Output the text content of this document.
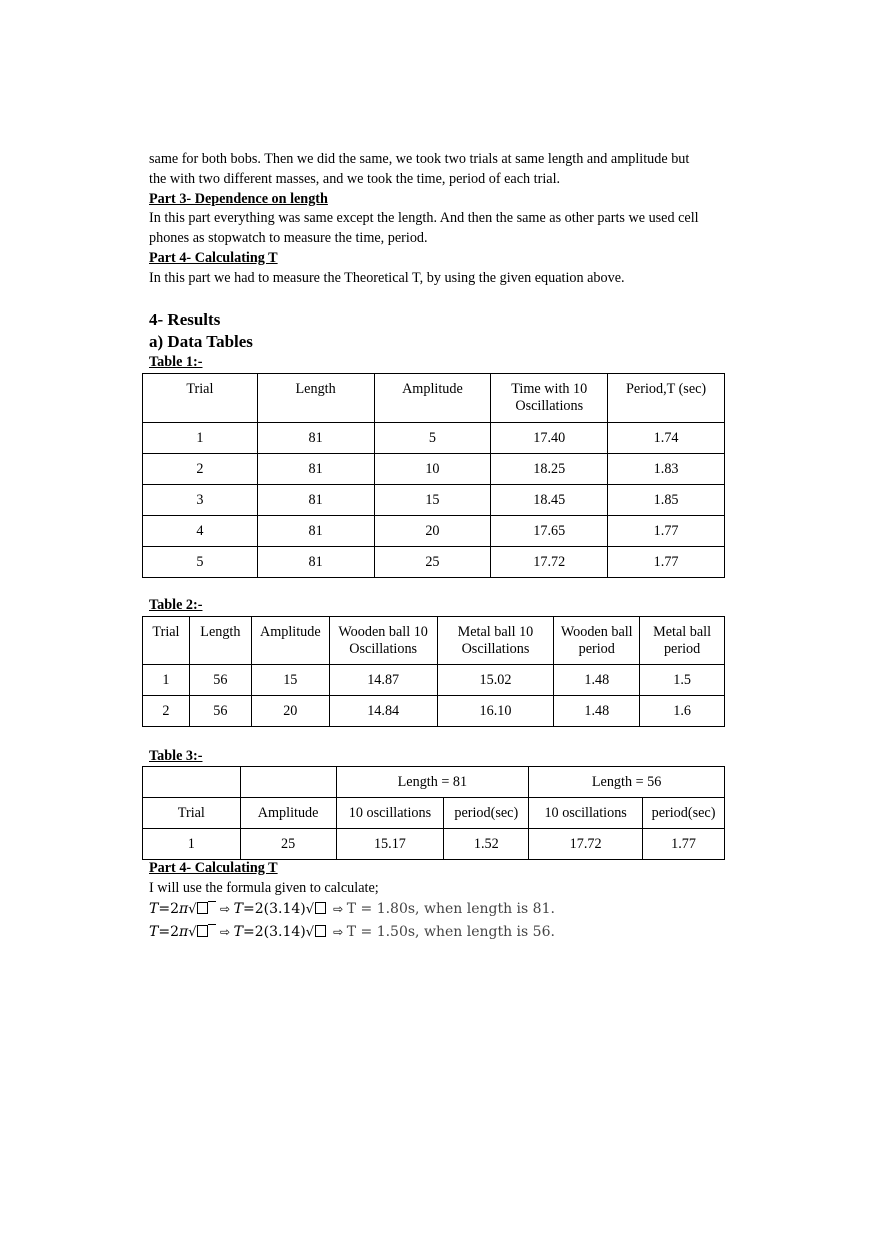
same for both bobs. Then we did the same, we took two trials at same length and amplitude but

the with two different masses, and we took the time, period of each trial.

Part 3- Dependence on length

In this part everything was same except the length. And then the same as other parts we used cell

phones as stopwatch to measure the time, period.

Part 4- Calculating T

In this part we had to measure the Theoretical T, by using the given equation above.

4- Results

a) Data Tables

Table 1:-

Trial	Length	Amplitude	Time with 10 Oscillations	Period,T (sec)
1	81	5	17.40	1.74
2	81	10	18.25	1.83
3	81	15	18.45	1.85
4	81	20	17.65	1.77
5	81	25	17.72	1.77

Table 2:-

Trial	Length	Amplitude	Wooden ball 10 Oscillations	Metal ball 10 Oscillations	Wooden ball period	Metal ball period
1	56	15	14.87	15.02	1.48	1.5
2	56	20	14.84	16.10	1.48	1.6

Table 3:-

		Length = 81		Length = 56	
Trial	Amplitude	10 oscillations	period(sec)	10 oscillations	period(sec)
1	25	15.17	1.52	17.72	1.77

Part 4- Calculating T

I will use the formula given to calculate;

T=2π√ ⇨ T=2(3.14)√ ⇨ T = 1.80s, when length is 81.

T=2π√ ⇨ T=2(3.14)√ ⇨ T = 1.50s, when length is 56.
